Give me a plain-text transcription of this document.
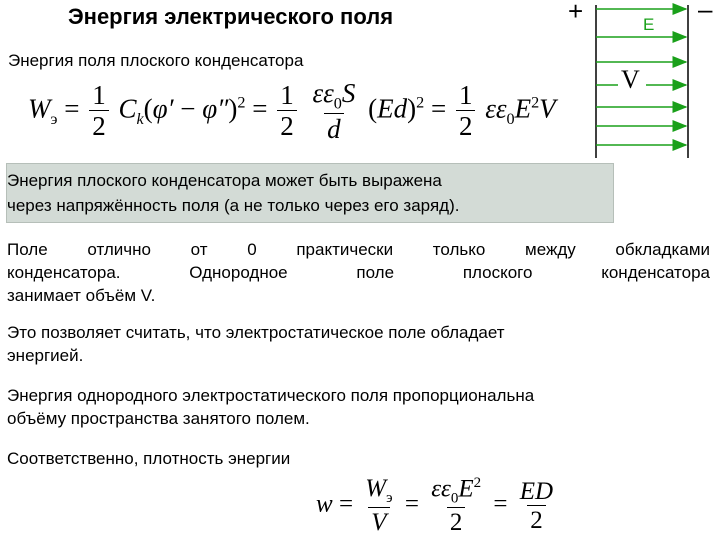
Энергия электрического поля
Энергия поля плоского конденсатора
$W_э = \frac{1}{2} C_k(\varphi' - \varphi'')^2 = \frac{1}{2}$
$\frac{\varepsilon\varepsilon_0S}{d} (Ed)^2 = \frac{1}{2} \varepsilon\varepsilon_0E^2V$
+	–
E
V
Энергия плоского конденсатора может быть выражена
через напряжённость поля (а не только через его заряд).
Поле отлично от 0 практически только между обкладками
конденсатора. Однородное поле плоского конденсатора
занимает объём V.
Это позволяет считать, что электростатическое поле обладает
энергией.
Энергия однородного электростатического поля пропорциональна
объёму пространства занятого полем.
Соответственно, плотность энергии
$w = \frac{W_э}{V} = \frac{\varepsilon\varepsilon_0E^2}{2} = \frac{ED}{2}$
